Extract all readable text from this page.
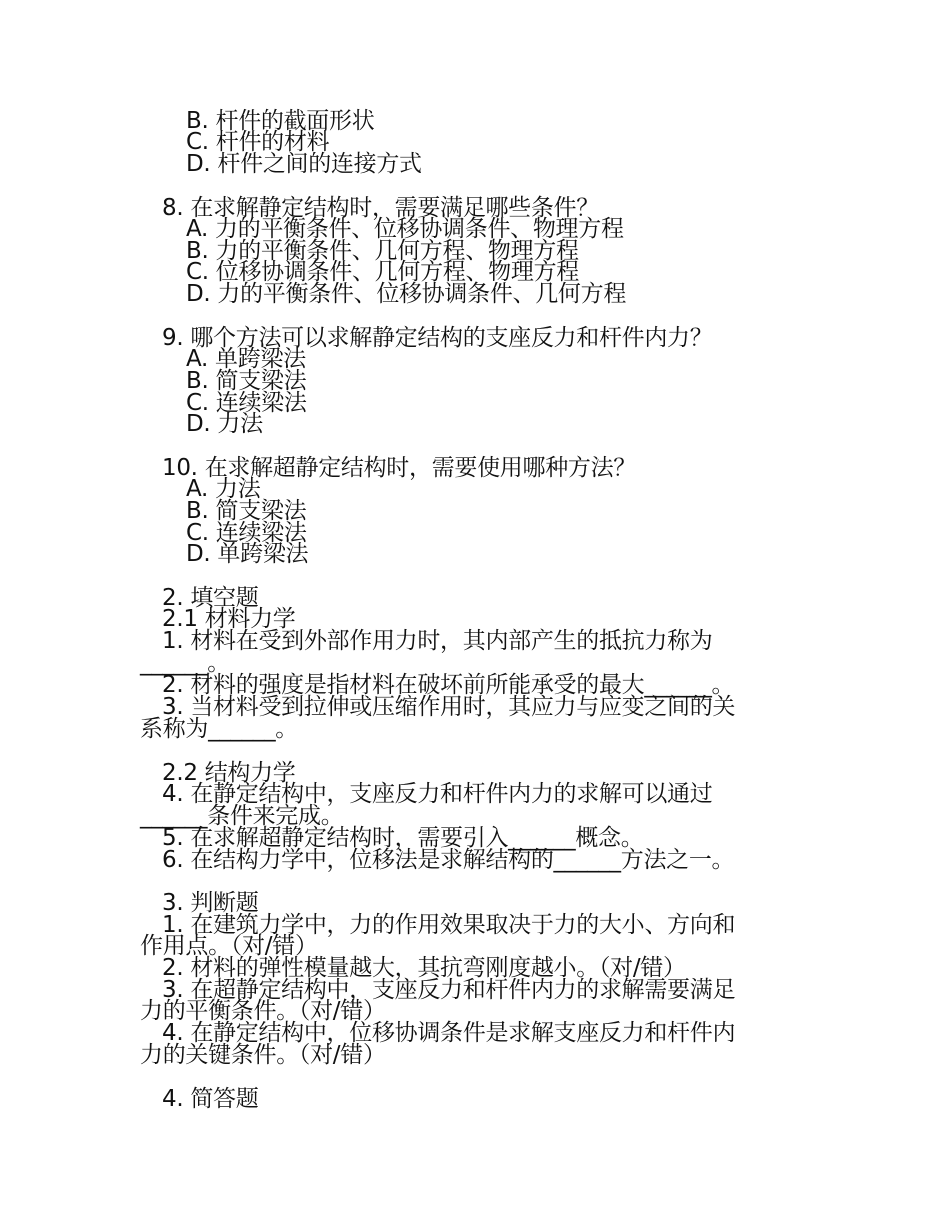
B. 杆件的截面形状
C. 杆件的材料
D. 杆件之间的连接方式
8. 在求解静定结构时，需要满足哪些条件？
A. 力的平衡条件、位移协调条件、物理方程
B. 力的平衡条件、几何方程、物理方程
C. 位移协调条件、几何方程、物理方程
D. 力的平衡条件、位移协调条件、几何方程
9. 哪个方法可以求解静定结构的支座反力和杆件内力？
A. 单跨梁法
B. 简支梁法
C. 连续梁法
D. 力法
10. 在求解超静定结构时，需要使用哪种方法？
A. 力法
B. 简支梁法
C. 连续梁法
D. 单跨梁法
2. 填空题
2.1 材料力学
1. 材料在受到外部作用力时，其内部产生的抵抗力称为
______。
2. 材料的强度是指材料在破坏前所能承受的最大______。
3. 当材料受到拉伸或压缩作用时，其应力与应变之间的关
系称为______。
2.2 结构力学
4. 在静定结构中，支座反力和杆件内力的求解可以通过
______条件来完成。
5. 在求解超静定结构时，需要引入______概念。
6. 在结构力学中，位移法是求解结构的______方法之一。
3. 判断题
1. 在建筑力学中，力的作用效果取决于力的大小、方向和
作用点。（对/错）
2. 材料的弹性模量越大，其抗弯刚度越小。（对/错）
3. 在超静定结构中，支座反力和杆件内力的求解需要满足
力的平衡条件。（对/错）
4. 在静定结构中，位移协调条件是求解支座反力和杆件内
力的关键条件。（对/错）
4. 简答题
